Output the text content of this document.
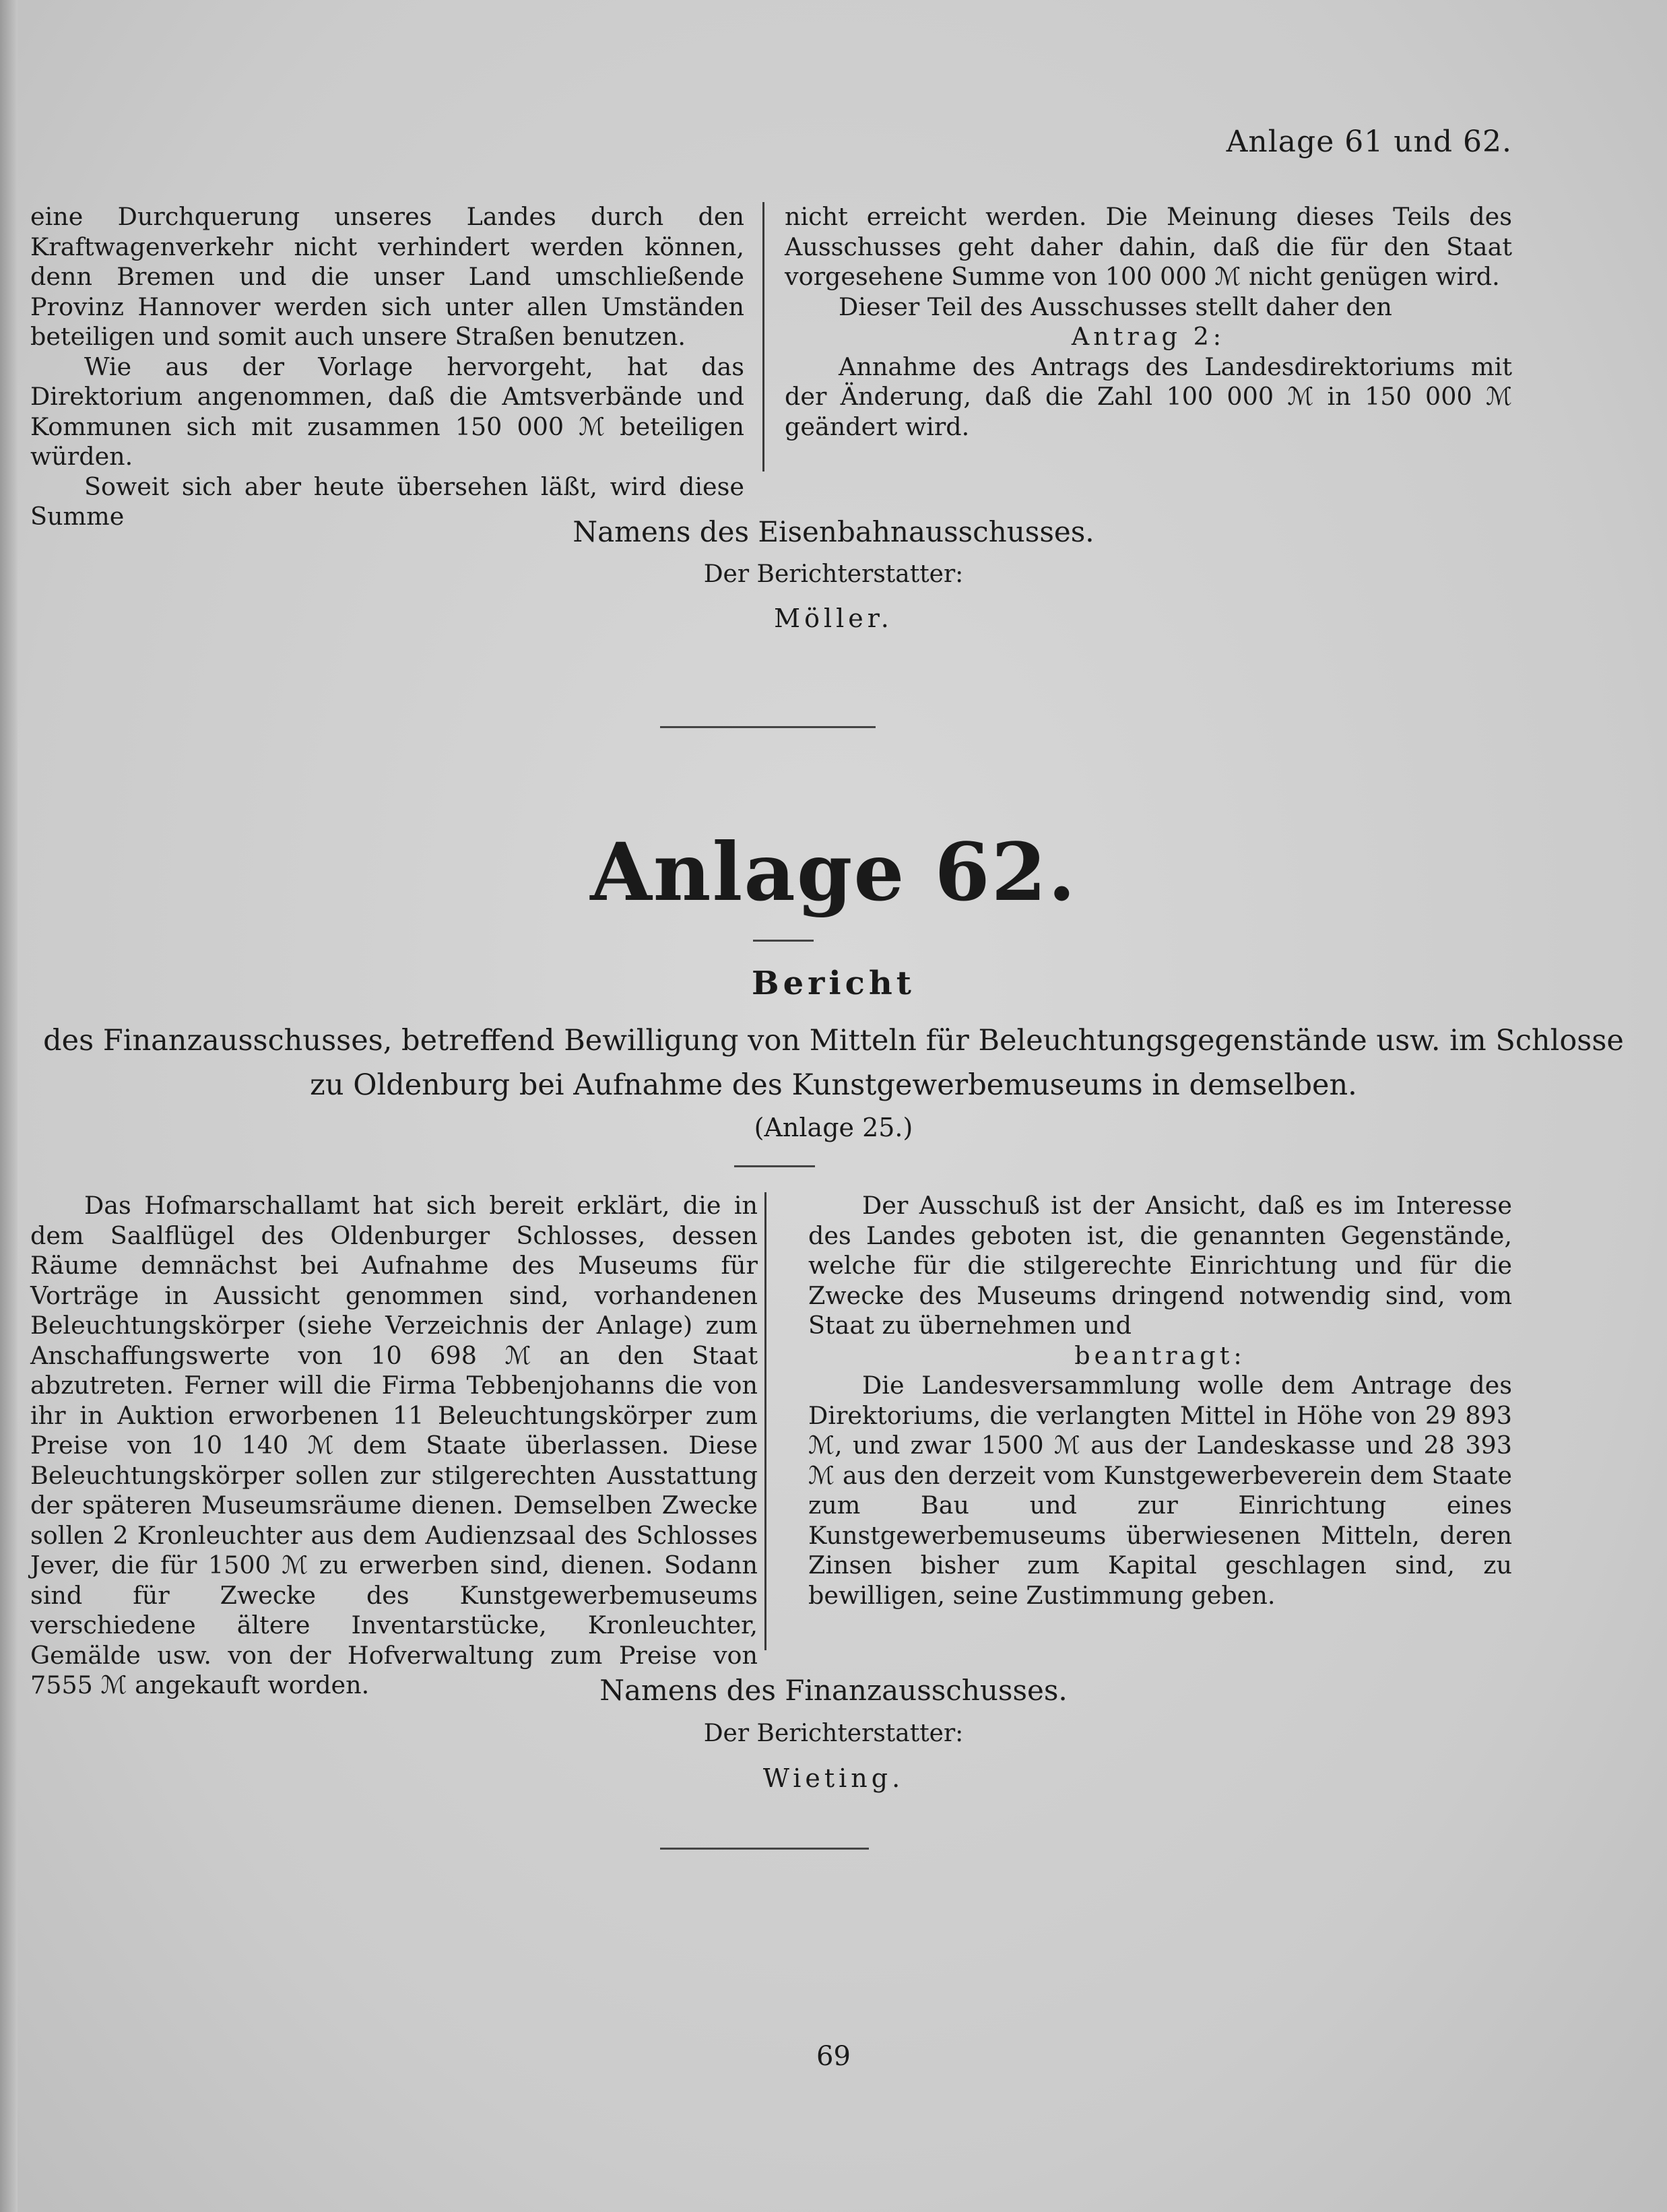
Anlage 61 und 62.

eine Durchquerung unseres Landes durch den Kraftwagenverkehr nicht verhindert werden können, denn Bremen und die unser Land umschließende Provinz Hannover werden sich unter allen Umständen beteiligen und somit auch unsere Straßen benutzen.

Wie aus der Vorlage hervorgeht, hat das Direktorium angenommen, daß die Amtsverbände und Kommunen sich mit zusammen 150 000 ℳ beteiligen würden.

Soweit sich aber heute übersehen läßt, wird diese Summe

nicht erreicht werden. Die Meinung dieses Teils des Ausschusses geht daher dahin, daß die für den Staat vorgesehene Summe von 100 000 ℳ nicht genügen wird.

Dieser Teil des Ausschusses stellt daher den

Antrag 2:

Annahme des Antrags des Landesdirektoriums mit der Änderung, daß die Zahl 100 000 ℳ in 150 000 ℳ geändert wird.

Namens des Eisenbahnausschusses.
Der Berichterstatter:
Möller.
Anlage 62.
Bericht
des Finanzausschusses, betreffend Bewilligung von Mitteln für Beleuchtungsgegenstände usw. im Schlosse
zu Oldenburg bei Aufnahme des Kunstgewerbemuseums in demselben.
(Anlage 25.)

Das Hofmarschallamt hat sich bereit erklärt, die in dem Saalflügel des Oldenburger Schlosses, dessen Räume demnächst bei Aufnahme des Museums für Vorträge in Aussicht genommen sind, vorhandenen Beleuchtungskörper (siehe Verzeichnis der Anlage) zum Anschaffungswerte von 10 698 ℳ an den Staat abzutreten. Ferner will die Firma Tebbenjohanns die von ihr in Auktion erworbenen 11 Beleuchtungskörper zum Preise von 10 140 ℳ dem Staate überlassen. Diese Beleuchtungskörper sollen zur stilgerechten Ausstattung der späteren Museumsräume dienen. Demselben Zwecke sollen 2 Kronleuchter aus dem Audienzsaal des Schlosses Jever, die für 1500 ℳ zu erwerben sind, dienen. Sodann sind für Zwecke des Kunstgewerbemuseums verschiedene ältere Inventarstücke, Kronleuchter, Gemälde usw. von der Hofverwaltung zum Preise von 7555 ℳ angekauft worden.

Der Ausschuß ist der Ansicht, daß es im Interesse des Landes geboten ist, die genannten Gegenstände, welche für die stilgerechte Einrichtung und für die Zwecke des Museums dringend notwendig sind, vom Staat zu übernehmen und

beantragt:

Die Landesversammlung wolle dem Antrage des Direktoriums, die verlangten Mittel in Höhe von 29 893 ℳ, und zwar 1500 ℳ aus der Landeskasse und 28 393 ℳ aus den derzeit vom Kunstgewerbeverein dem Staate zum Bau und zur Einrichtung eines Kunstgewerbemuseums überwiesenen Mitteln, deren Zinsen bisher zum Kapital geschlagen sind, zu bewilligen, seine Zustimmung geben.

Namens des Finanzausschusses.
Der Berichterstatter:
Wieting.
69
